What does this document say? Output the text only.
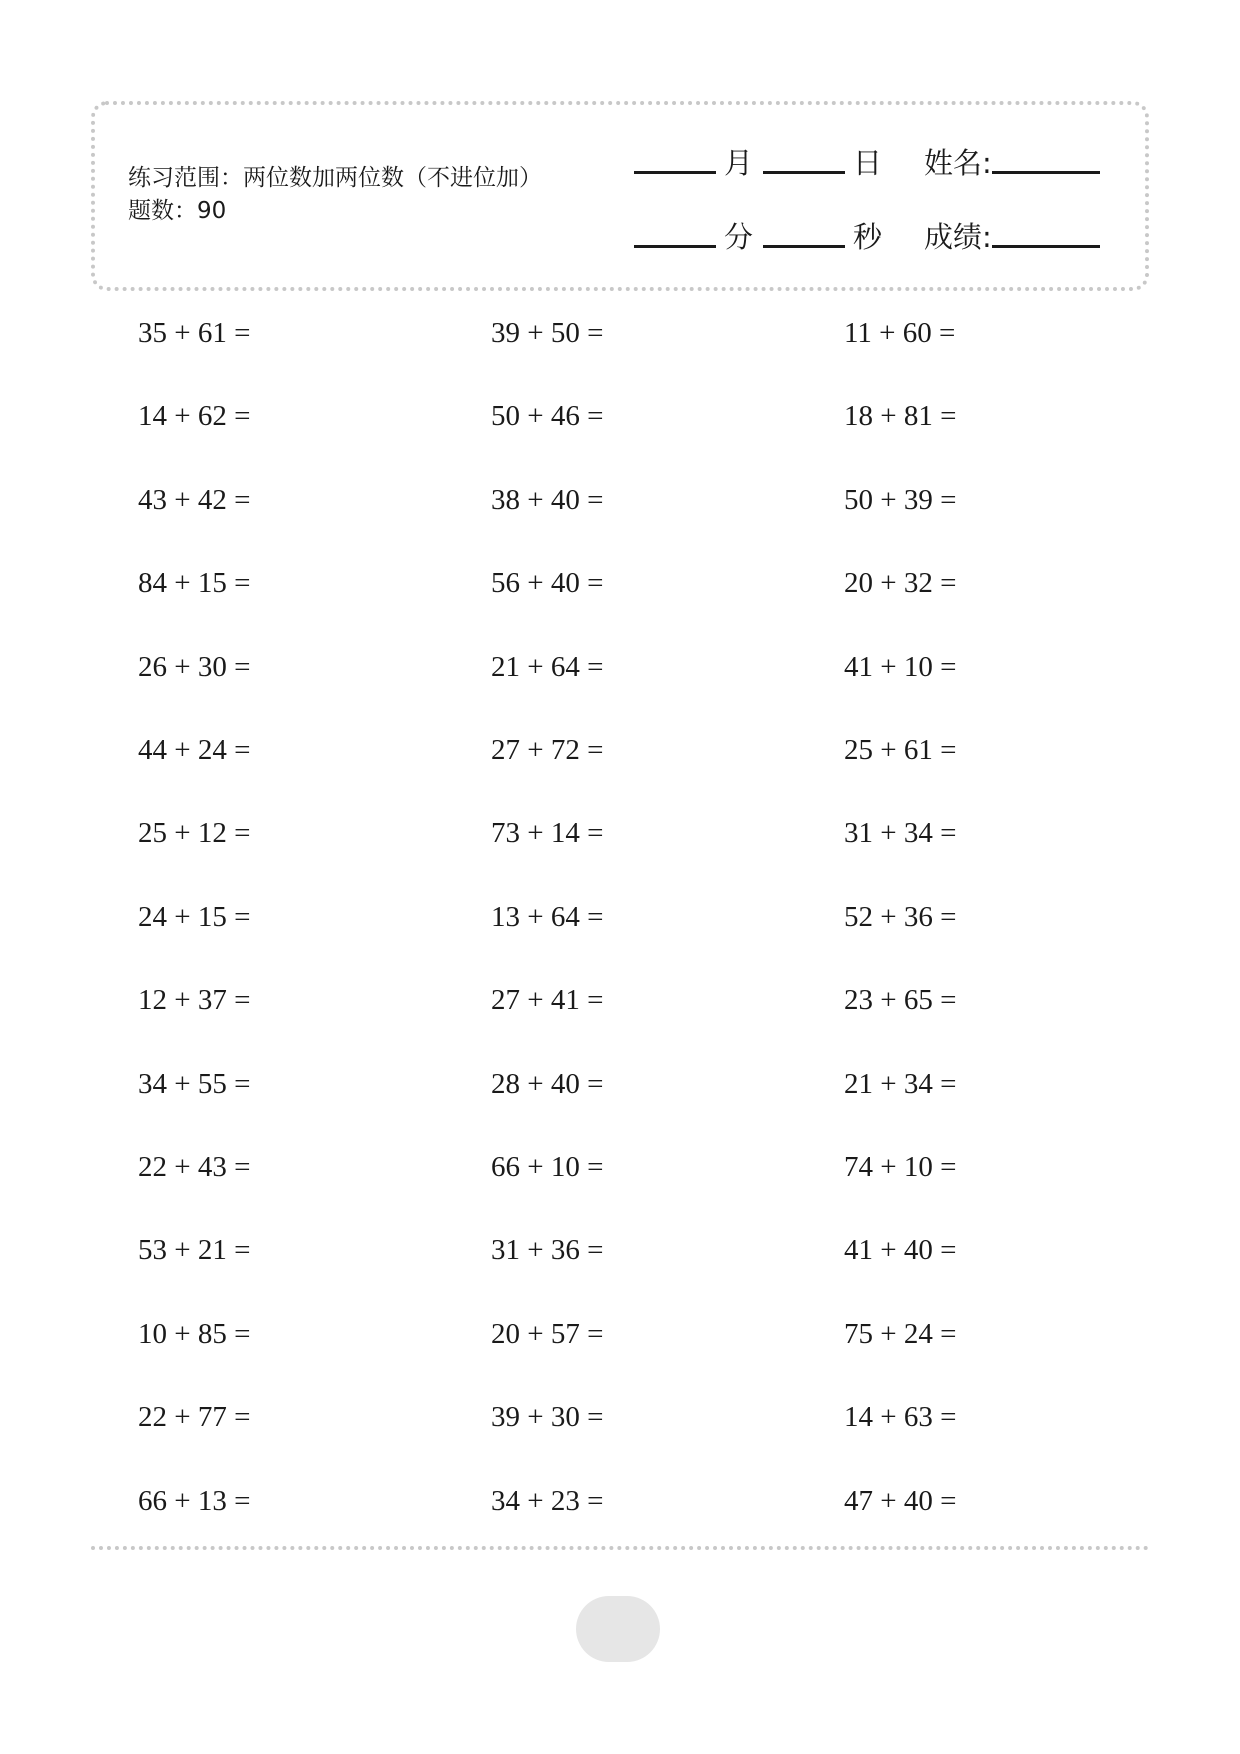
练习范围：两位数加两位数（不进位加）
题数：90
月	日 姓名:
分	秒 成绩:
35 + 61 =	39 + 50 =	11 + 60 =
14 + 62 =	50 + 46 =	18 + 81 =
43 + 42 =	38 + 40 =	50 + 39 =
84 + 15 =	56 + 40 =	20 + 32 =
26 + 30 =	21 + 64 =	41 + 10 =
44 + 24 =	27 + 72 =	25 + 61 =
25 + 12 =	73 + 14 =	31 + 34 =
24 + 15 =	13 + 64 =	52 + 36 =
12 + 37 =	27 + 41 =	23 + 65 =
34 + 55 =	28 + 40 =	21 + 34 =
22 + 43 =	66 + 10 =	74 + 10 =
53 + 21 =	31 + 36 =	41 + 40 =
10 + 85 =	20 + 57 =	75 + 24 =
22 + 77 =	39 + 30 =	14 + 63 =
66 + 13 =	34 + 23 =	47 + 40 =
